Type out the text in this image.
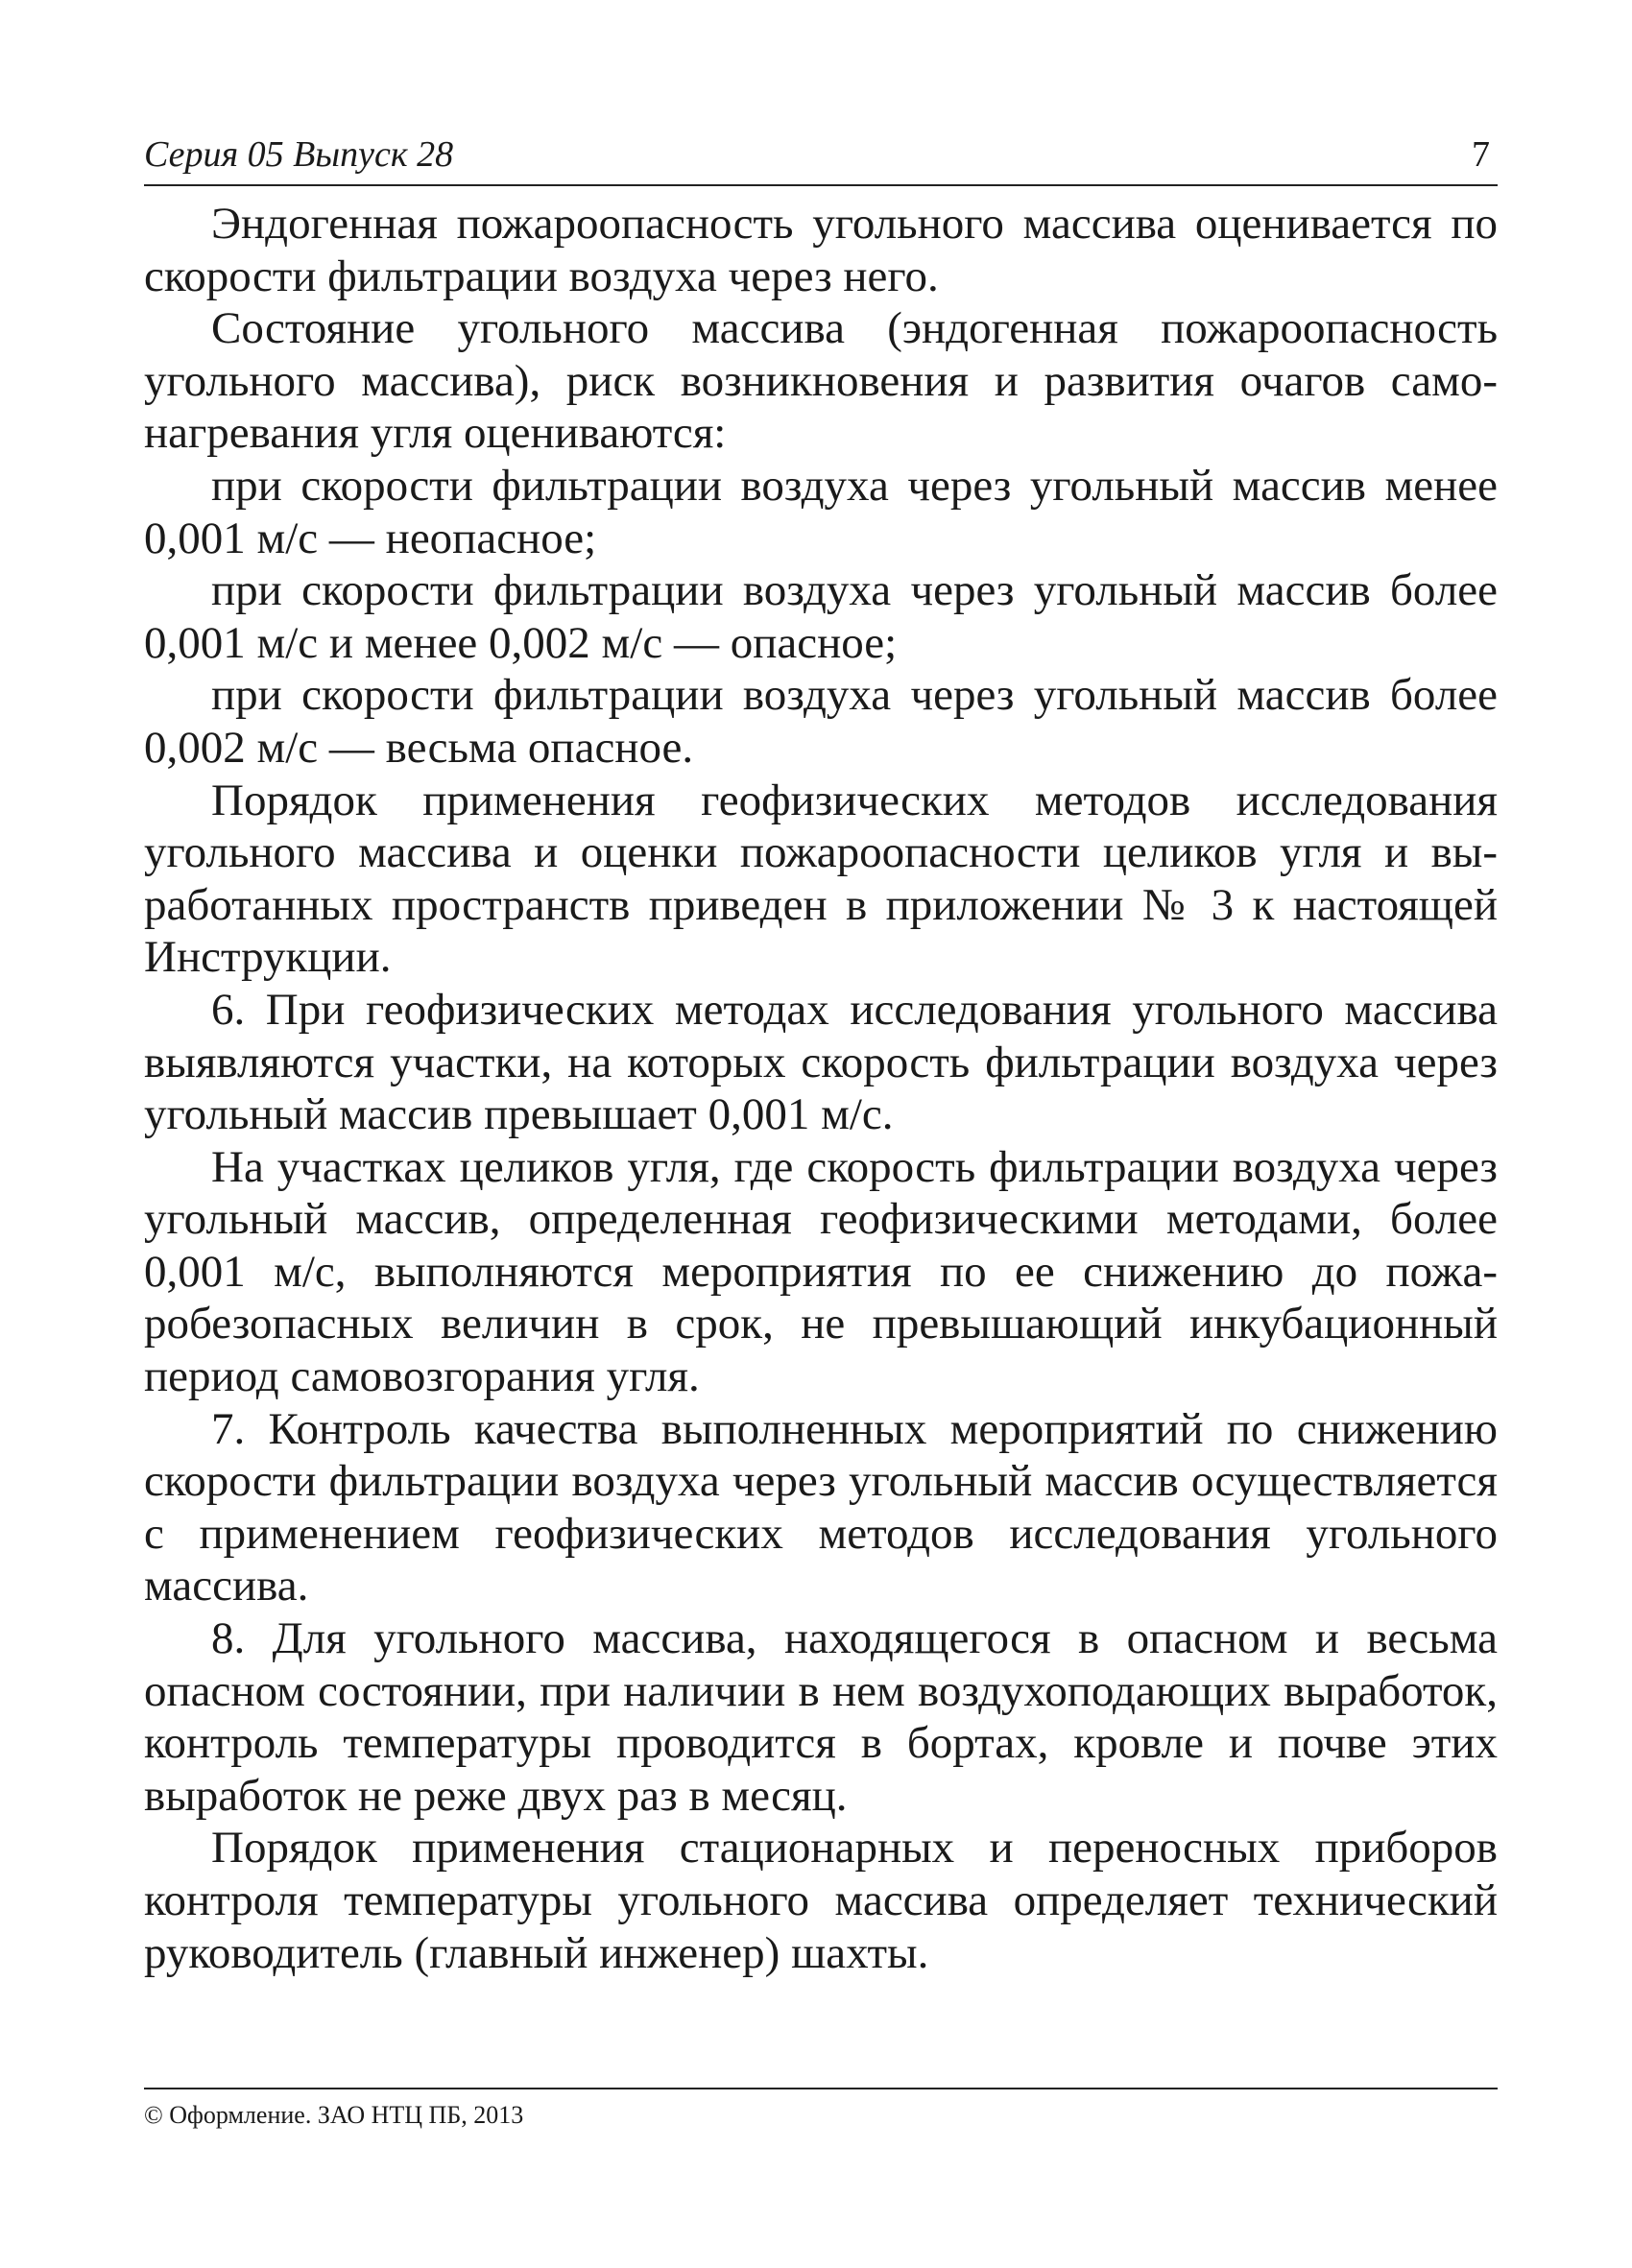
Серия 05 Выпуск 28	7

Эндогенная пожароопасность угольного массива оценивается по скорости фильтрации воздуха через него.

Состояние угольного массива (эндогенная пожароопасность угольного массива), риск возникновения и развития очагов самонагревания угля оцениваются:

при скорости фильтрации воздуха через угольный массив менее 0,001 м/с — неопасное;

при скорости фильтрации воздуха через угольный массив более 0,001 м/с и менее 0,002 м/с — опасное;

при скорости фильтрации воздуха через угольный массив более 0,002 м/с — весьма опасное.

Порядок применения геофизических методов исследования угольного массива и оценки пожароопасности целиков угля и выработанных пространств приведен в приложении № 3 к настоящей Инструкции.

6. При геофизических методах исследования угольного массива выявляются участки, на которых скорость фильтрации воздуха через угольный массив превышает 0,001 м/с.

На участках целиков угля, где скорость фильтрации воздуха через угольный массив, определенная геофизическими методами, более 0,001 м/с, выполняются мероприятия по ее снижению до пожаробезопасных величин в срок, не превышающий инкубационный период самовозгорания угля.

7. Контроль качества выполненных мероприятий по снижению скорости фильтрации воздуха через угольный массив осуществляется с применением геофизических методов исследования угольного массива.

8. Для угольного массива, находящегося в опасном и весьма опасном состоянии, при наличии в нем воздухоподающих выработок, контроль температуры проводится в бортах, кровле и почве этих выработок не реже двух раз в месяц.

Порядок применения стационарных и переносных приборов контроля температуры угольного массива определяет технический руководитель (главный инженер) шахты.

© Оформление. ЗАО НТЦ ПБ, 2013
